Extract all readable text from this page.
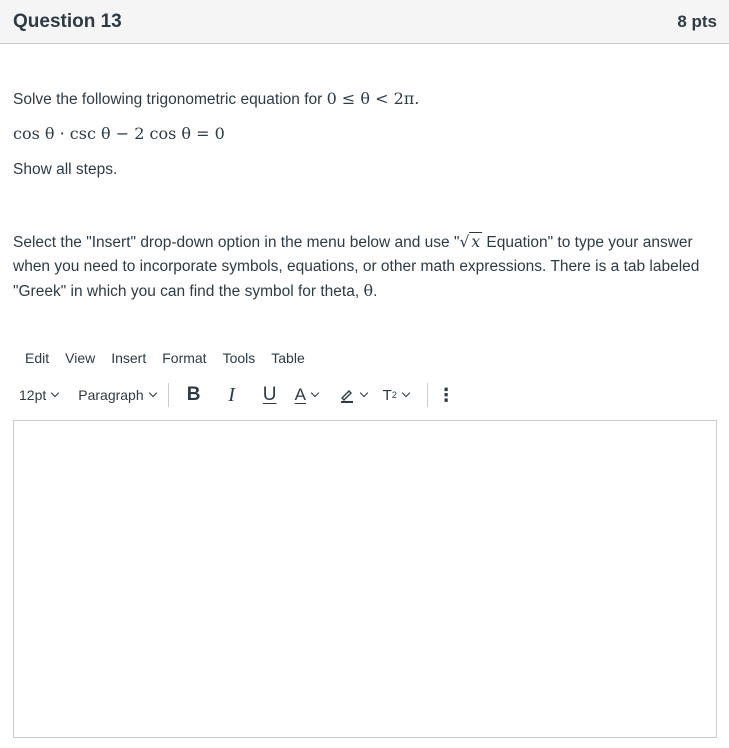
Question 13	8 pts
Solve the following trigonometric equation for 0 ≤ θ < 2π.
cos θ · csc θ − 2 cos θ = 0
Show all steps.
Select the "Insert" drop-down option in the menu below and use "√ x Equation" to type your answer when you need to incorporate symbols, equations, or other math expressions. There is a tab labeled "Greek" in which you can find the symbol for theta, θ.
Edit View Insert Format Tools Table
12pt Paragraph	B	I	U	A	T 2 ⋮
